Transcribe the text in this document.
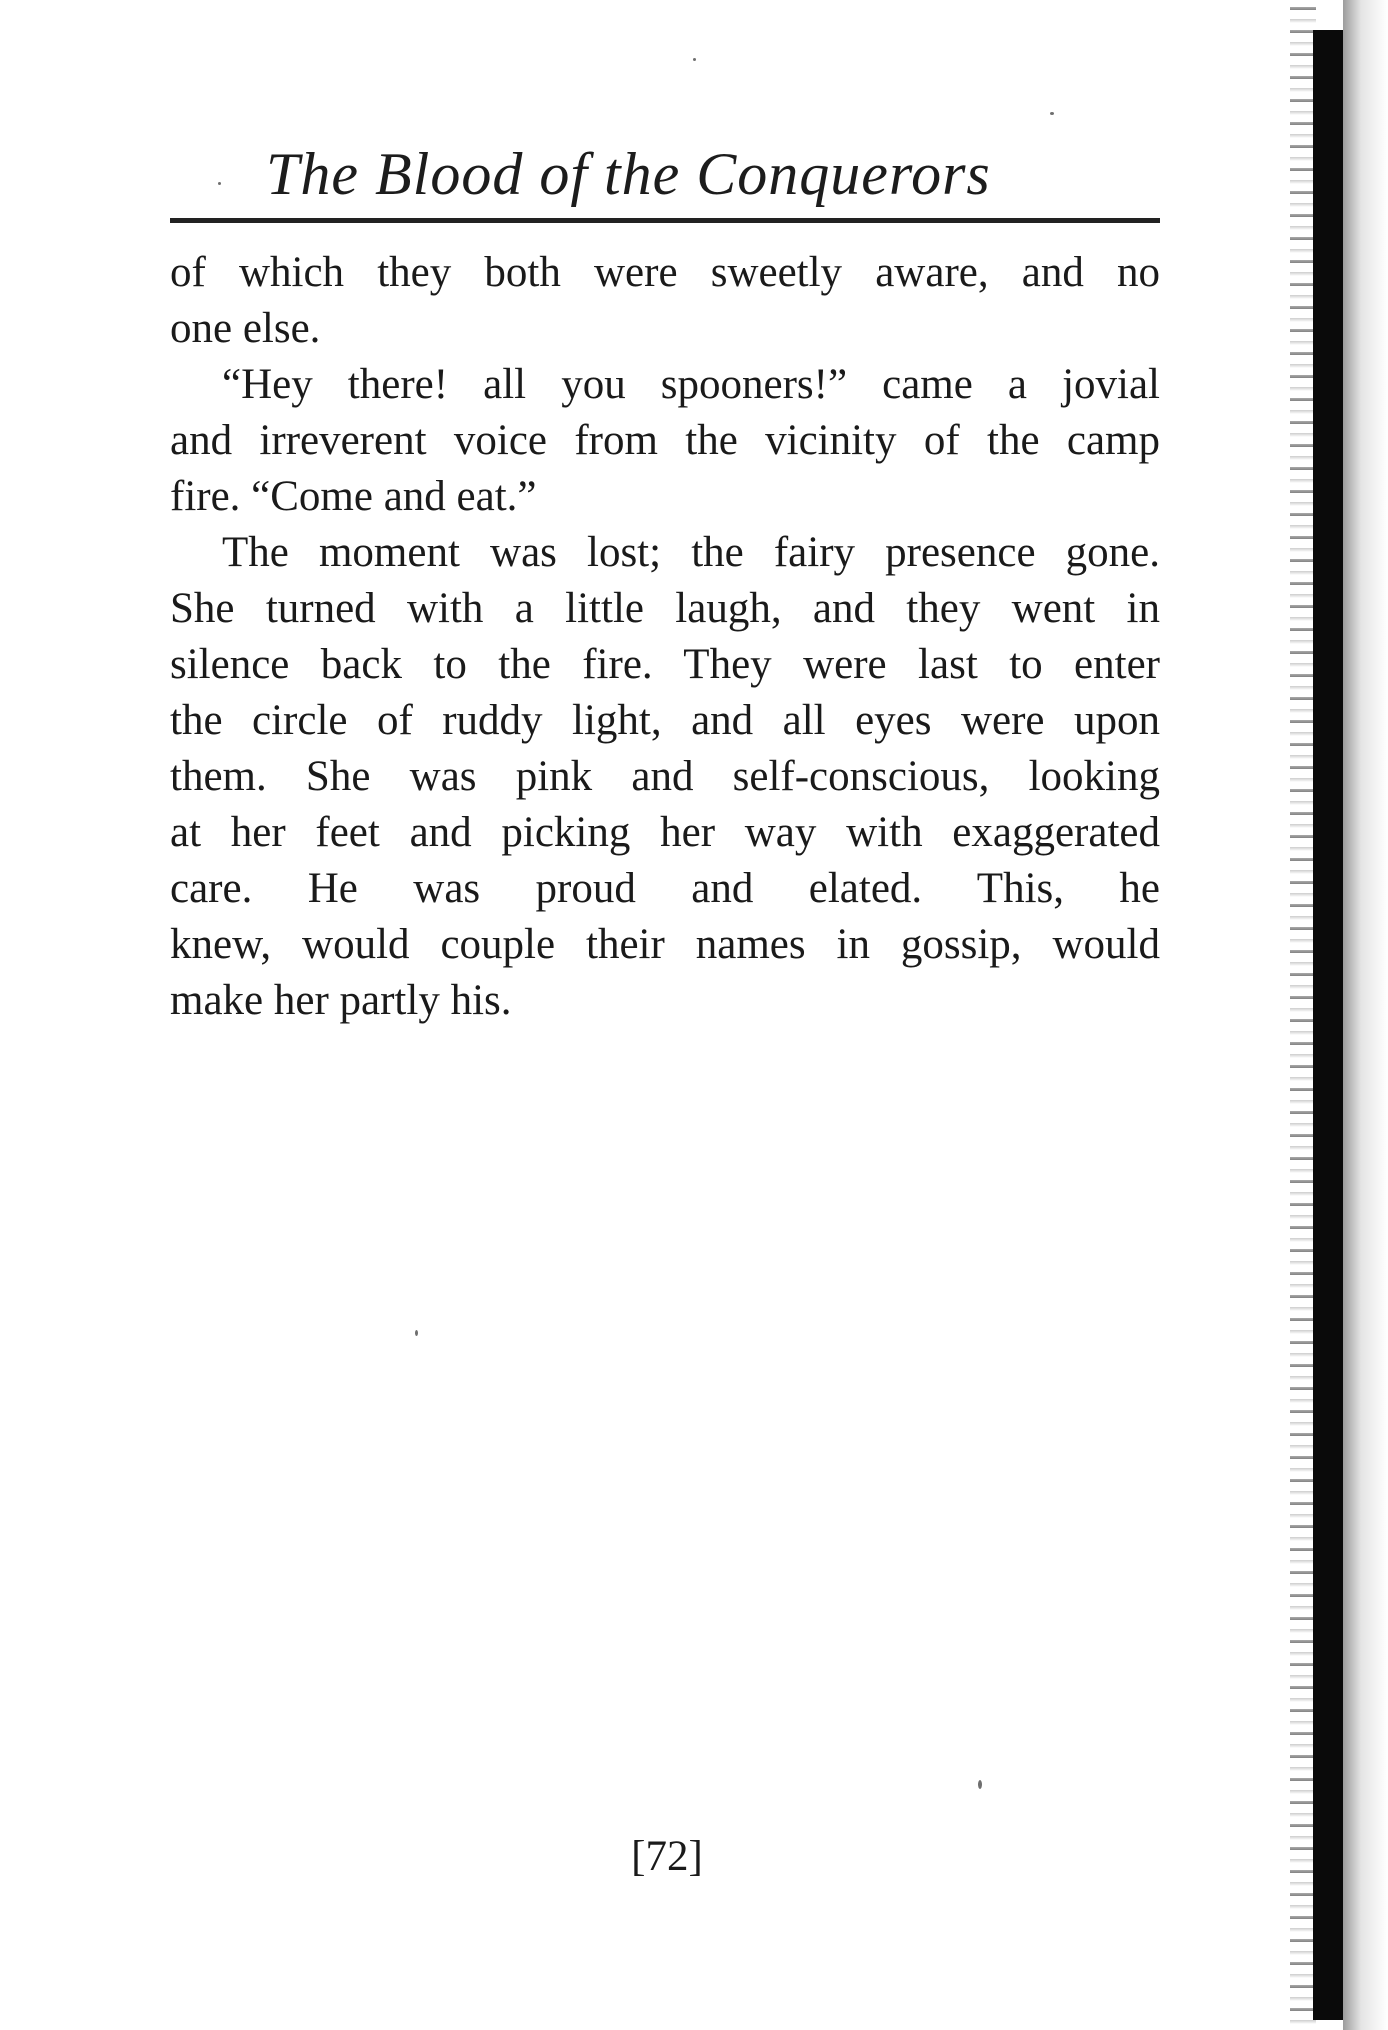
The Blood of the Conquerors
of which they both were sweetly aware, and no
one else.
“Hey there! all you spooners!” came a jovial
and irreverent voice from the vicinity of the camp
fire. “Come and eat.”
The moment was lost; the fairy presence gone.
She turned with a little laugh, and they went in
silence back to the fire. They were last to enter
the circle of ruddy light, and all eyes were upon
them. She was pink and self-conscious, looking
at her feet and picking her way with exaggerated
care. He was proud and elated. This, he
knew, would couple their names in gossip, would
make her partly his.
[72]
